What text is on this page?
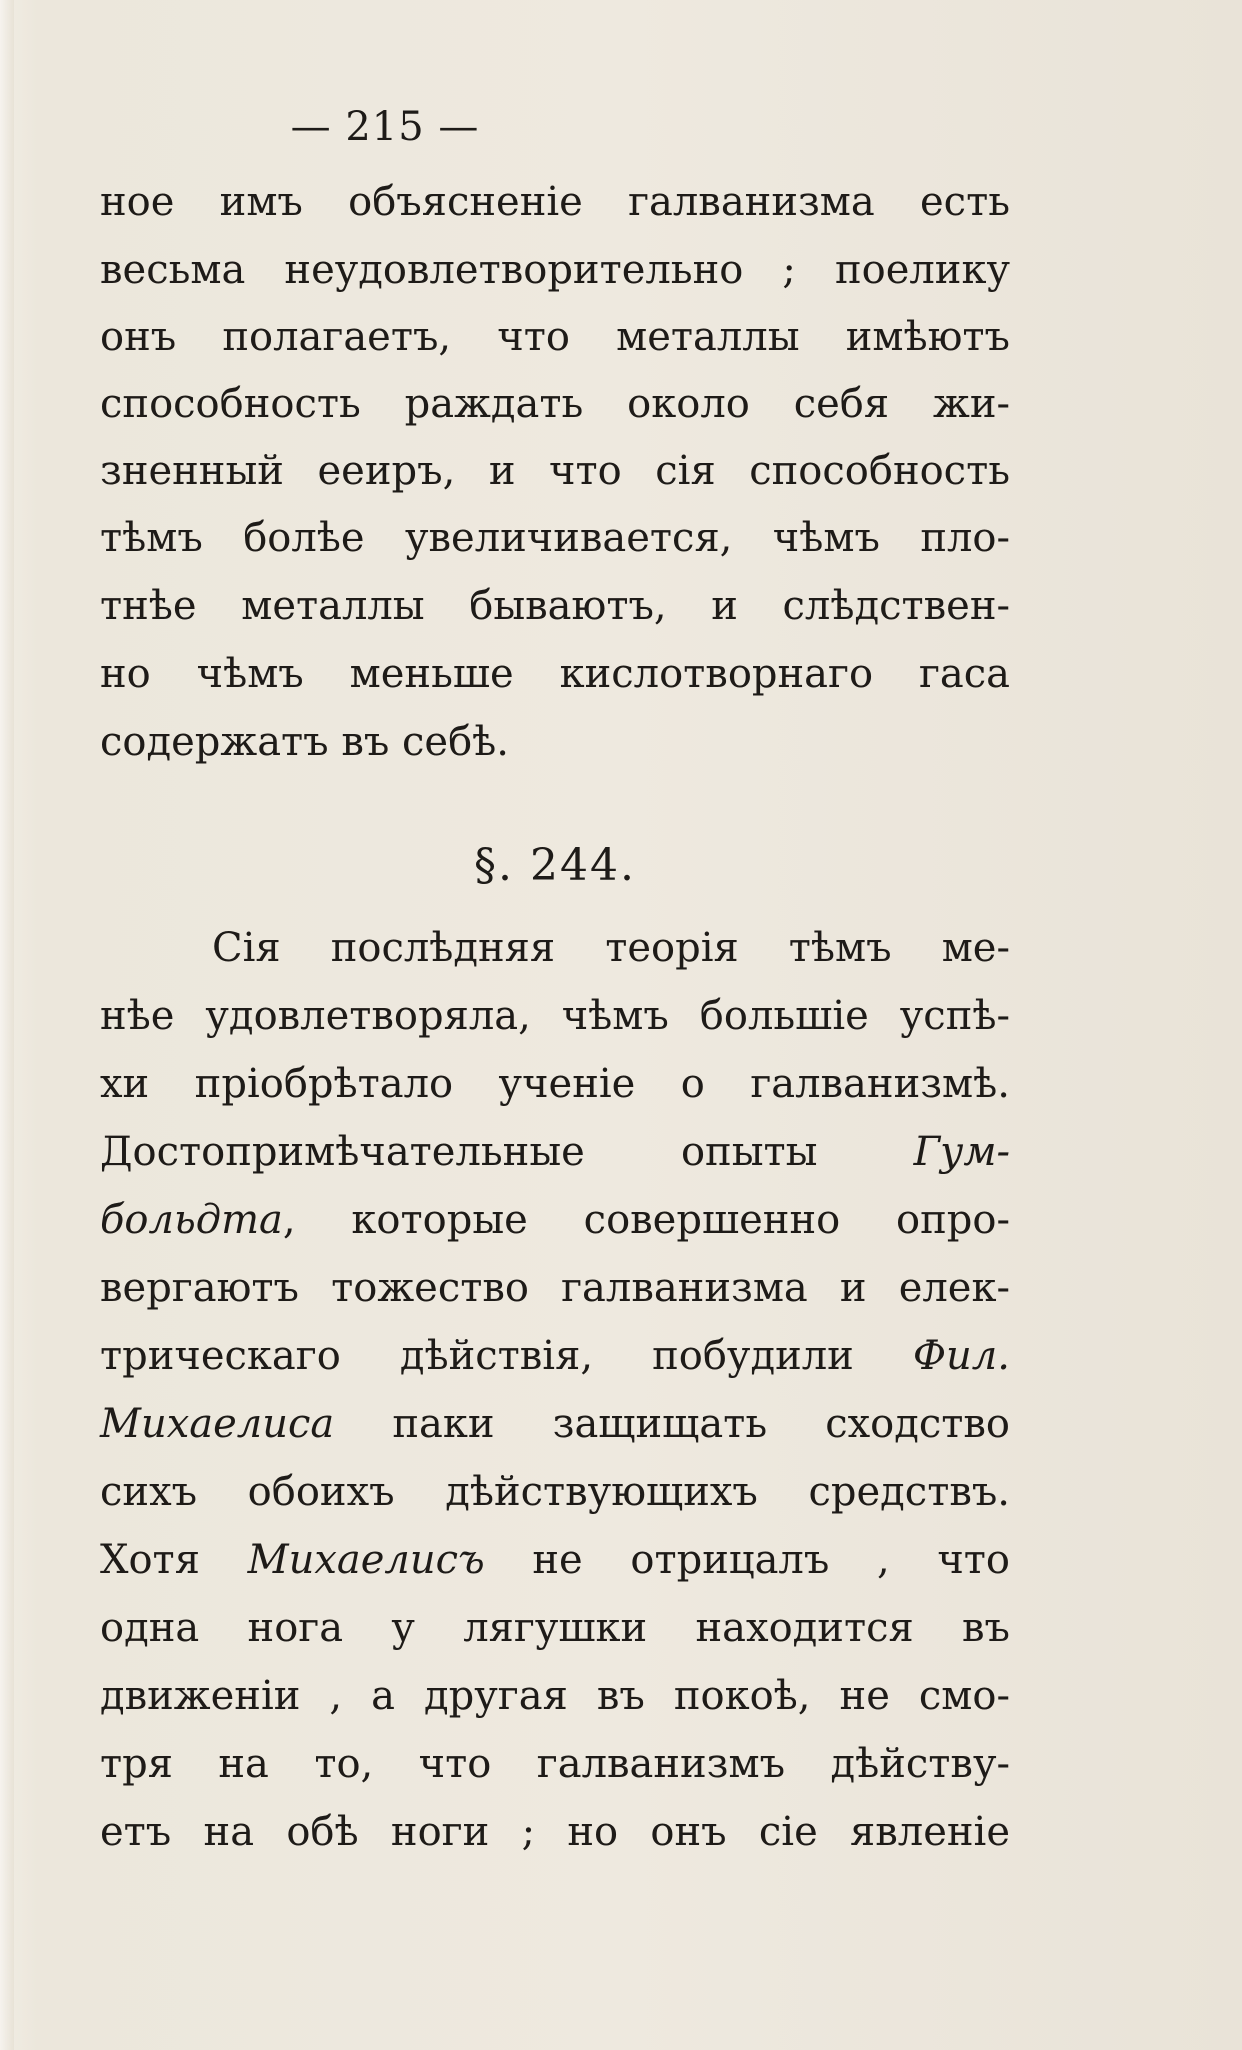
— 215 —
ное имъ объясненіе галванизма есть
весьма неудовлетворительно ; поелику
онъ полагаетъ, что металлы имѣютъ
способность раждать около себя жи-
зненный ееиръ, и что сія способность
тѣмъ болѣе увеличивается, чѣмъ пло-
тнѣе металлы бываютъ, и слѣдствен-
но чѣмъ меньше кислотворнаго гаса
содержатъ въ себѣ.
§. 244.
Сія послѣдняя теорія тѣмъ ме-
нѣе удовлетворяла, чѣмъ большіе успѣ-
хи пріобрѣтало ученіе о галванизмѣ.
Достопримѣчательные опыты Гум-
больдта, которые совершенно опро-
вергаютъ тожество галванизма и елек-
трическаго дѣйствія, побудили Фил.
Михаелиса паки защищать сходство
сихъ обоихъ дѣйствующихъ средствъ.
Хотя Михаелисъ не отрицалъ , что
одна нога у лягушки находится въ
движеніи , а другая въ покоѣ, не смо-
тря на то, что галванизмъ дѣйству-
етъ на обѣ ноги ; но онъ сіе явленіе
